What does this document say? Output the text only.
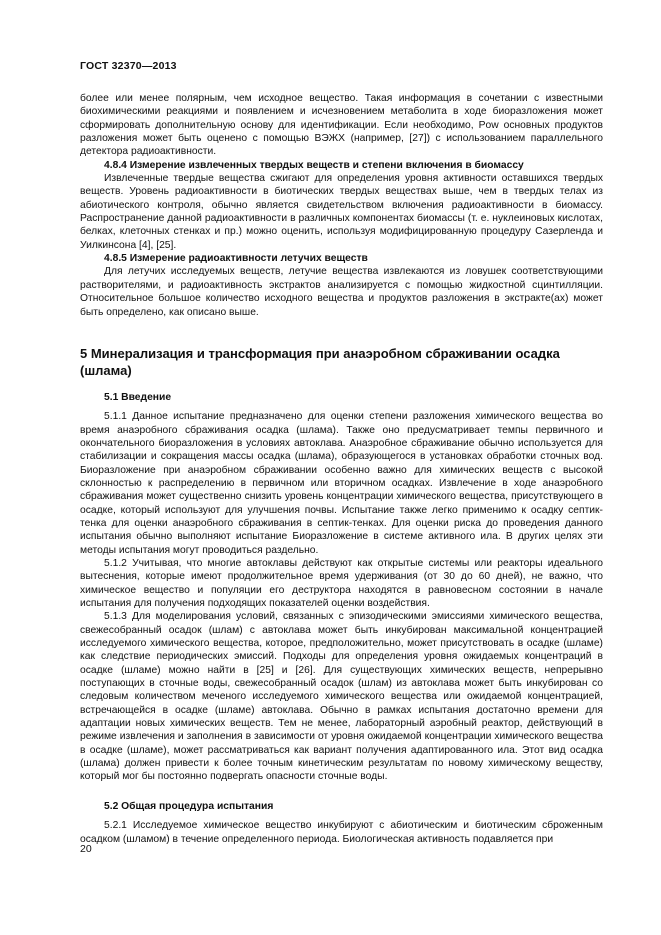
ГОСТ 32370—2013

более или менее полярным, чем исходное вещество. Такая информация в сочетании с известными биохимическими реакциями и появлением и исчезновением метаболита в ходе биоразложения может сформировать дополнительную основу для идентификации. Если необходимо, Pow основных продуктов разложения может быть оценено с помощью ВЭЖХ (например, [27]) с использованием параллельного детектора радиоактивности.

4.8.4 Измерение извлеченных твердых веществ и степени включения в биомассу

Извлеченные твердые вещества сжигают для определения уровня активности оставшихся твердых веществ. Уровень радиоактивности в биотических твердых веществах выше, чем в твердых телах из абиотического контроля, обычно является свидетельством включения радиоактивности в биомассу. Распространение данной радиоактивности в различных компонентах биомассы (т. е. нуклеиновых кислотах, белках, клеточных стенках и пр.) можно оценить, используя модифицированную процедуру Сазерленда и Уилкинсона [4], [25].

4.8.5 Измерение радиоактивности летучих веществ

Для летучих исследуемых веществ, летучие вещества извлекаются из ловушек соответствующими растворителями, и радиоактивность экстрактов анализируется с помощью жидкостной сцинтилляции. Относительное большое количество исходного вещества и продуктов разложения в экстракте(ах) может быть определено, как описано выше.

5 Минерализация и трансформация при анаэробном сбраживании осадка (шлама)

5.1 Введение

5.1.1 Данное испытание предназначено для оценки степени разложения химического вещества во время анаэробного сбраживания осадка (шлама). Также оно предусматривает темпы первичного и окончательного биоразложения в условиях автоклава. Анаэробное сбраживание обычно используется для стабилизации и сокращения массы осадка (шлама), образующегося в установках обработки сточных вод. Биоразложение при анаэробном сбраживании особенно важно для химических веществ с высокой склонностью к распределению в первичном или вторичном осадках. Извлечение в ходе анаэробного сбраживания может существенно снизить уровень концентрации химического вещества, присутствующего в осадке, который используют для улучшения почвы. Испытание также легко применимо к осадку септик-тенка для оценки анаэробного сбраживания в септик-тенках. Для оценки риска до проведения данного испытания обычно выполняют испытание Биоразложение в системе активного ила. В других целях эти методы испытания могут проводиться раздельно.

5.1.2 Учитывая, что многие автоклавы действуют как открытые системы или реакторы идеального вытеснения, которые имеют продолжительное время удерживания (от 30 до 60 дней), не важно, что химическое вещество и популяции его деструктора находятся в равновесном состоянии в начале испытания для получения подходящих показателей оценки воздействия.

5.1.3 Для моделирования условий, связанных с эпизодическими эмиссиями химического вещества, свежесобранный осадок (шлам) с автоклава может быть инкубирован максимальной концентрацией исследуемого химического вещества, которое, предположительно, может присутствовать в осадке (шламе) как следствие периодических эмиссий. Подходы для определения уровня ожидаемых концентраций в осадке (шламе) можно найти в [25] и [26]. Для существующих химических веществ, непрерывно поступающих в сточные воды, свежесобранный осадок (шлам) из автоклава может быть инкубирован со следовым количеством меченого исследуемого химического вещества или ожидаемой концентрацией, встречающейся в осадке (шламе) автоклава. Обычно в рамках испытания достаточно времени для адаптации новых химических веществ. Тем не менее, лабораторный аэробный реактор, действующий в режиме извлечения и заполнения в зависимости от уровня ожидаемой концентрации химического вещества в осадке (шламе), может рассматриваться как вариант получения адаптированного ила. Этот вид осадка (шлама) должен привести к более точным кинетическим результатам по новому химическому веществу, который мог бы постоянно подвергать опасности сточные воды.

5.2 Общая процедура испытания

5.2.1 Исследуемое химическое вещество инкубируют с абиотическим и биотическим сброженным осадком (шламом) в течение определенного периода. Биологическая активность подавляется при

20
